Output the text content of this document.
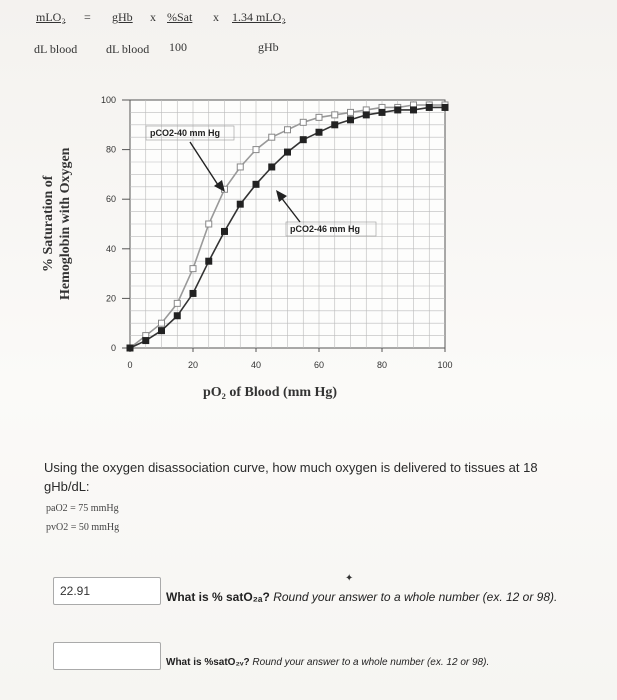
mLO₂
dL blood
= gHb
dL blood
x %Sat
100
x 1.34 mLO₂
gHb
0	20	40	60	80	100
0
20
40
60
80
100
pCO2-40 mm Hg
pCO2-46 mm Hg
% Saturation of Hemoglobin with Oxygen
pO₂ of Blood (mm Hg)
Using the oxygen disassociation curve, how much oxygen is delivered to tissues at 18 gHb/dL:
paO2 = 75 mmHg
pvO2 = 50 mmHg
22.91	What is % satO₂ₐ? Round your answer to a whole number (ex. 12 or 98).
✦
What is %satO₂ᵥ? Round your answer to a whole number (ex. 12 or 98).
